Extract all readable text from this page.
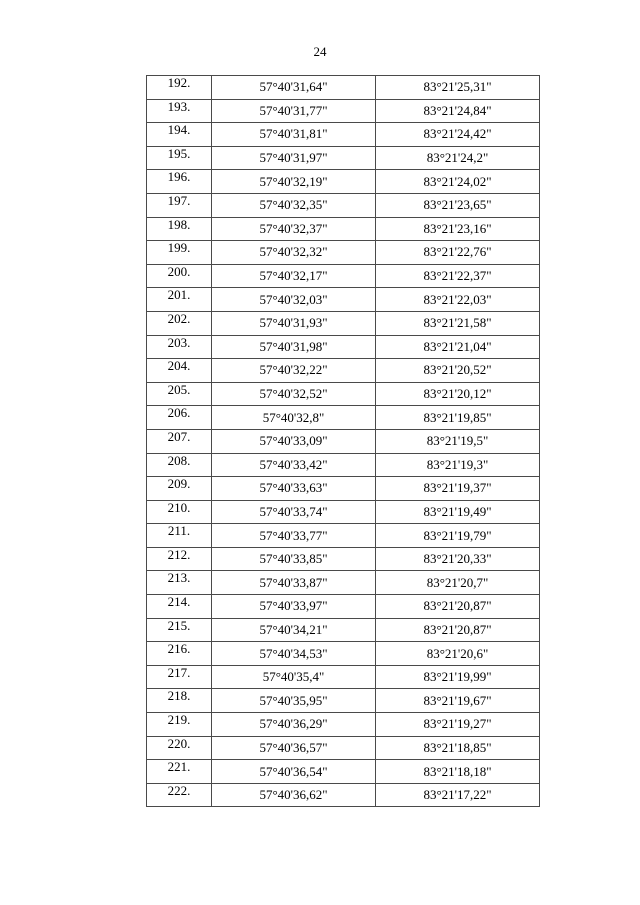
24
192.	57°40'31,64"	83°21'25,31"
193.	57°40'31,77"	83°21'24,84"
194.	57°40'31,81"	83°21'24,42"
195.	57°40'31,97"	83°21'24,2"
196.	57°40'32,19"	83°21'24,02"
197.	57°40'32,35"	83°21'23,65"
198.	57°40'32,37"	83°21'23,16"
199.	57°40'32,32"	83°21'22,76"
200.	57°40'32,17"	83°21'22,37"
201.	57°40'32,03"	83°21'22,03"
202.	57°40'31,93"	83°21'21,58"
203.	57°40'31,98"	83°21'21,04"
204.	57°40'32,22"	83°21'20,52"
205.	57°40'32,52"	83°21'20,12"
206.	57°40'32,8"	83°21'19,85"
207.	57°40'33,09"	83°21'19,5"
208.	57°40'33,42"	83°21'19,3"
209.	57°40'33,63"	83°21'19,37"
210.	57°40'33,74"	83°21'19,49"
211.	57°40'33,77"	83°21'19,79"
212.	57°40'33,85"	83°21'20,33"
213.	57°40'33,87"	83°21'20,7"
214.	57°40'33,97"	83°21'20,87"
215.	57°40'34,21"	83°21'20,87"
216.	57°40'34,53"	83°21'20,6"
217.	57°40'35,4"	83°21'19,99"
218.	57°40'35,95"	83°21'19,67"
219.	57°40'36,29"	83°21'19,27"
220.	57°40'36,57"	83°21'18,85"
221.	57°40'36,54"	83°21'18,18"
222.	57°40'36,62"	83°21'17,22"
